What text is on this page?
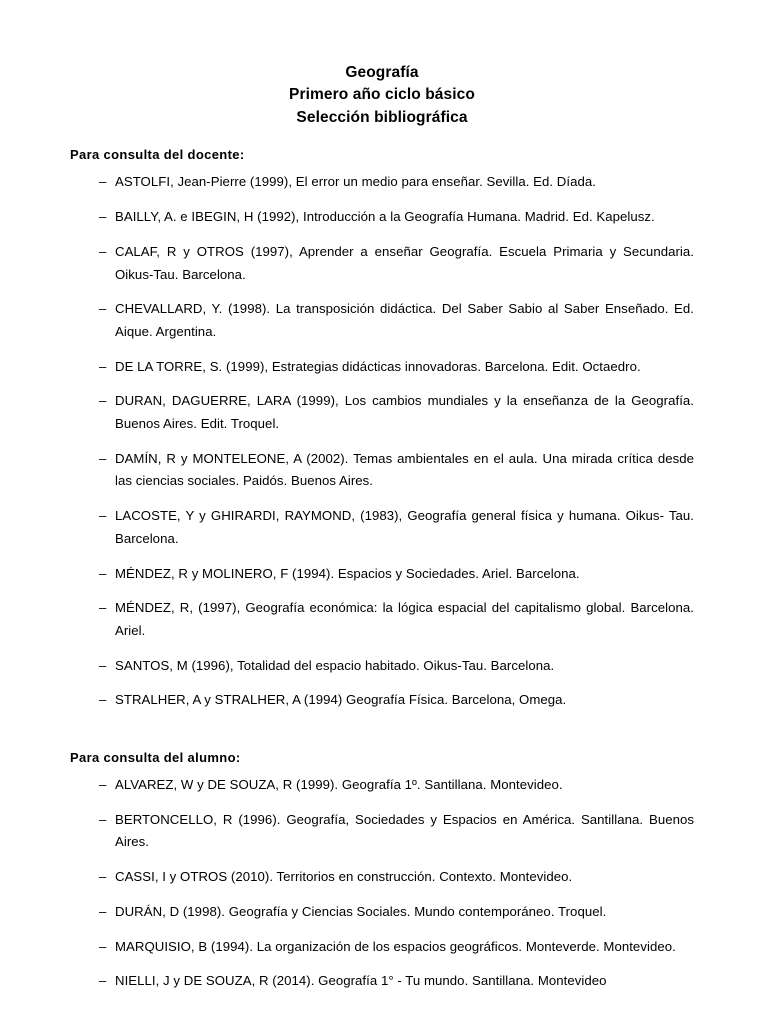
Geografía
Primero año ciclo básico
Selección bibliográfica
Para consulta del docente:
– ASTOLFI, Jean-Pierre (1999), El error un medio para enseñar. Sevilla. Ed. Díada.
– BAILLY, A. e IBEGIN, H (1992), Introducción a la Geografía Humana. Madrid. Ed. Kapelusz.
– CALAF, R y OTROS (1997), Aprender a enseñar Geografía. Escuela Primaria y Secundaria. Oikus-Tau. Barcelona.
– CHEVALLARD, Y. (1998). La transposición didáctica. Del Saber Sabio al Saber Enseñado. Ed. Aique. Argentina.
– DE LA TORRE, S. (1999), Estrategias didácticas innovadoras. Barcelona. Edit. Octaedro.
– DURAN, DAGUERRE, LARA (1999), Los cambios mundiales y la enseñanza de la Geografía. Buenos Aires. Edit. Troquel.
– DAMÍN, R y MONTELEONE, A (2002). Temas ambientales en el aula. Una mirada crítica desde las ciencias sociales. Paidós. Buenos Aires.
– LACOSTE, Y y GHIRARDI, RAYMOND, (1983), Geografía general física y humana. Oikus- Tau. Barcelona.
– MÉNDEZ, R y MOLINERO, F (1994). Espacios y Sociedades. Ariel. Barcelona.
– MÉNDEZ, R, (1997), Geografía económica: la lógica espacial del capitalismo global. Barcelona. Ariel.
– SANTOS, M (1996), Totalidad del espacio habitado. Oikus-Tau. Barcelona.
– STRALHER, A y STRALHER, A (1994) Geografía Física. Barcelona, Omega.
Para consulta del alumno:
– ALVAREZ, W y DE SOUZA, R (1999). Geografía 1º. Santillana. Montevideo.
– BERTONCELLO, R (1996). Geografía, Sociedades y Espacios en América. Santillana. Buenos Aires.
– CASSI, I y OTROS (2010). Territorios en construcción. Contexto. Montevideo.
– DURÁN, D (1998). Geografía y Ciencias Sociales. Mundo contemporáneo. Troquel.
– MARQUISIO, B (1994). La organización de los espacios geográficos. Monteverde. Montevideo.
– NIELLI, J y DE SOUZA, R (2014). Geografía 1° - Tu mundo. Santillana. Montevideo
